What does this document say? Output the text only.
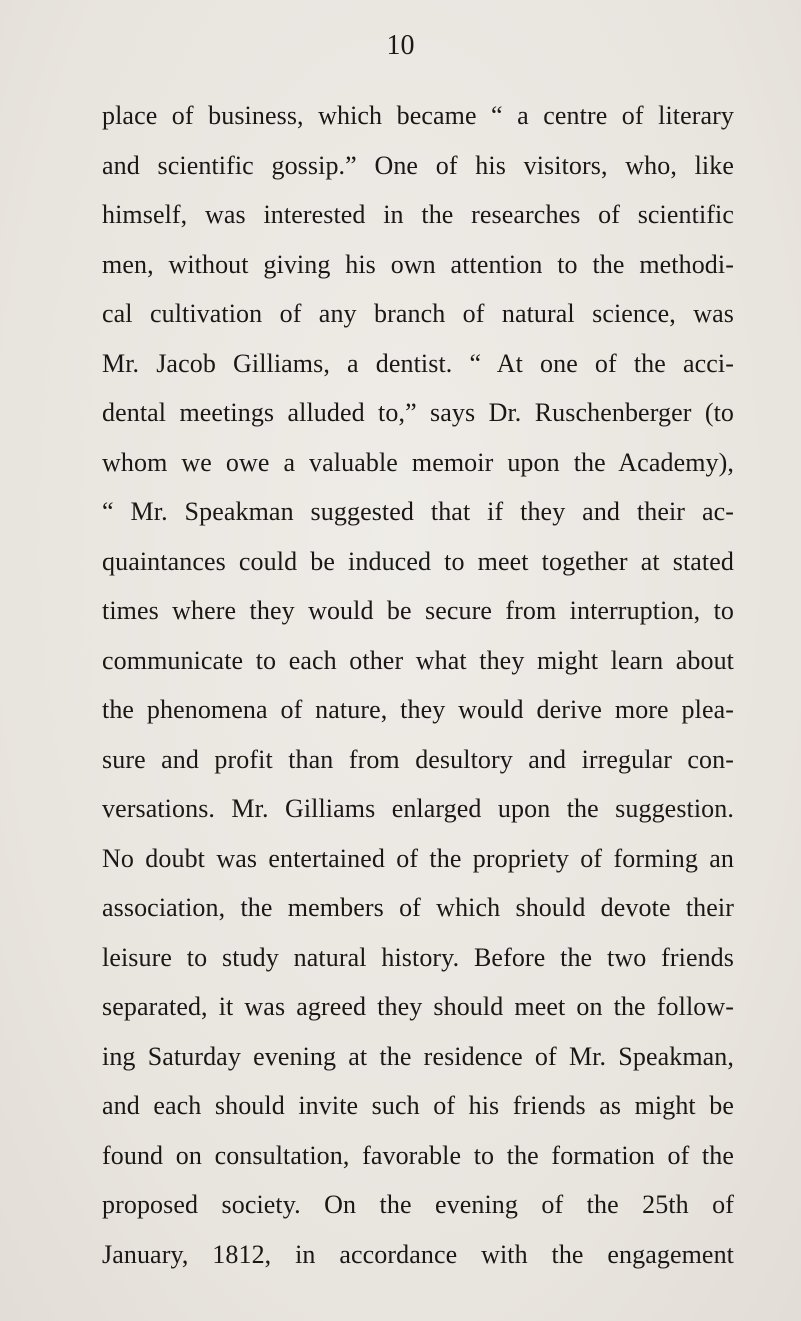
10
place of business, which became “ a centre of literary
and scientific gossip.” One of his visitors, who, like
himself, was interested in the researches of scientific
men, without giving his own attention to the methodi-
cal cultivation of any branch of natural science, was
Mr. Jacob Gilliams, a dentist. “ At one of the acci-
dental meetings alluded to,” says Dr. Ruschenberger (to
whom we owe a valuable memoir upon the Academy),
“ Mr. Speakman suggested that if they and their ac-
quaintances could be induced to meet together at stated
times where they would be secure from interruption, to
communicate to each other what they might learn about
the phenomena of nature, they would derive more plea-
sure and profit than from desultory and irregular con-
versations. Mr. Gilliams enlarged upon the suggestion.
No doubt was entertained of the propriety of forming an
association, the members of which should devote their
leisure to study natural history. Before the two friends
separated, it was agreed they should meet on the follow-
ing Saturday evening at the residence of Mr. Speakman,
and each should invite such of his friends as might be
found on consultation, favorable to the formation of the
proposed society. On the evening of the 25th of
January, 1812, in accordance with the engagement
